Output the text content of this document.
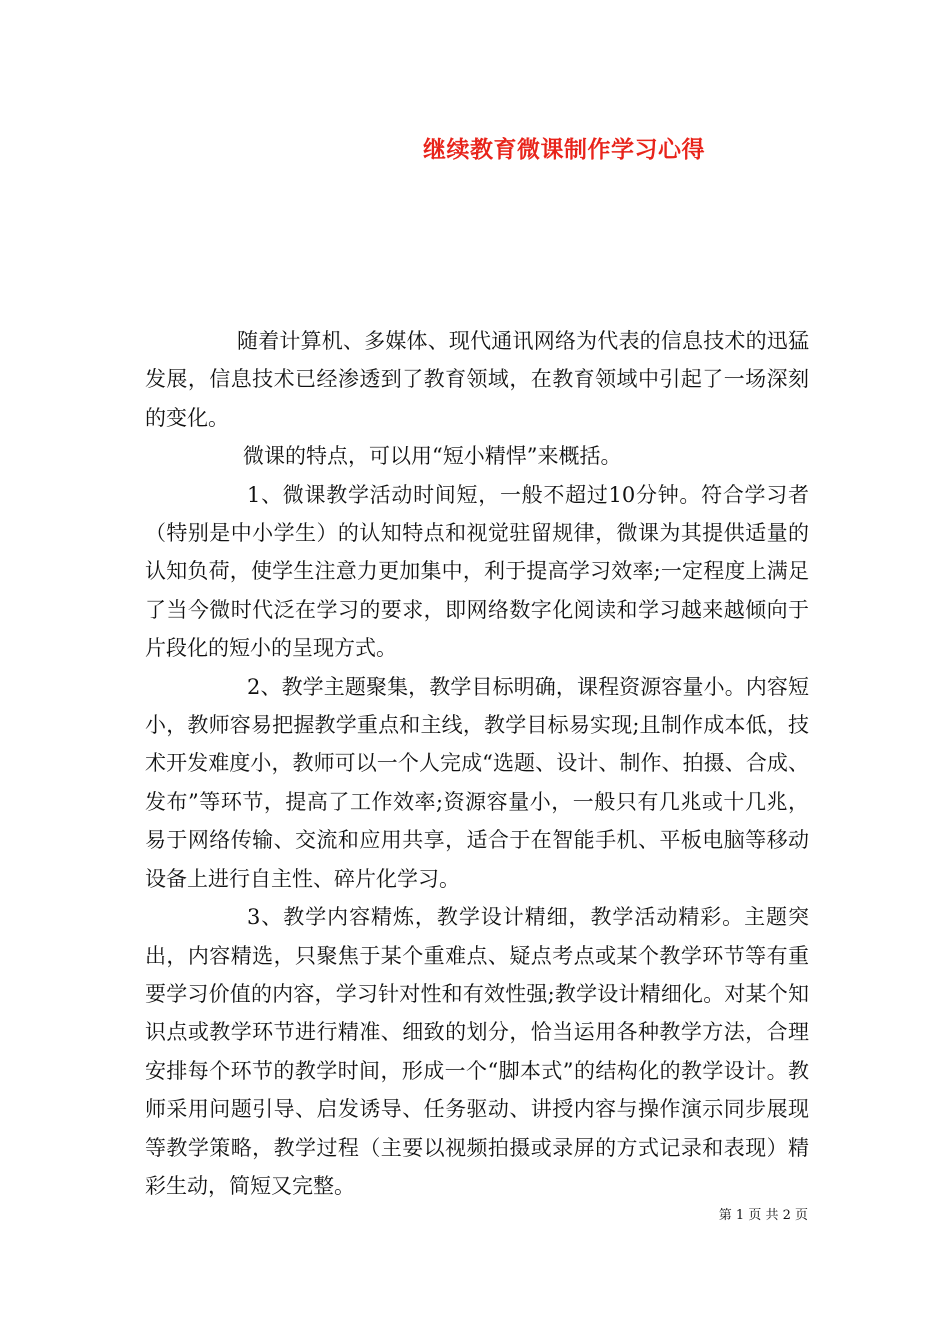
继续教育微课制作学习心得

随着计算机、多媒体、现代通讯网络为代表的信息技术的迅猛发展，信息技术已经渗透到了教育领域，在教育领域中引起了一场深刻的变化。

微课的特点，可以用“短小精悍”来概括。

1、微课教学活动时间短，一般不超过10分钟。符合学习者（特别是中小学生）的认知特点和视觉驻留规律，微课为其提供适量的认知负荷，使学生注意力更加集中，利于提高学习效率;一定程度上满足了当今微时代泛在学习的要求，即网络数字化阅读和学习越来越倾向于片段化的短小的呈现方式。

2、教学主题聚集，教学目标明确，课程资源容量小。内容短小，教师容易把握教学重点和主线，教学目标易实现;且制作成本低，技术开发难度小，教师可以一个人完成“选题、设计、制作、拍摄、合成、发布”等环节，提高了工作效率;资源容量小，一般只有几兆或十几兆，易于网络传输、交流和应用共享，适合于在智能手机、平板电脑等移动设备上进行自主性、碎片化学习。

3、教学内容精炼，教学设计精细，教学活动精彩。主题突出，内容精选，只聚焦于某个重难点、疑点考点或某个教学环节等有重要学习价值的内容，学习针对性和有效性强;教学设计精细化。对某个知识点或教学环节进行精准、细致的划分，恰当运用各种教学方法，合理安排每个环节的教学时间，形成一个“脚本式”的结构化的教学设计。教师采用问题引导、启发诱导、任务驱动、讲授内容与操作演示同步展现等教学策略，教学过程（主要以视频拍摄或录屏的方式记录和表现）精彩生动，简短又完整。

第 1 页 共 2 页
